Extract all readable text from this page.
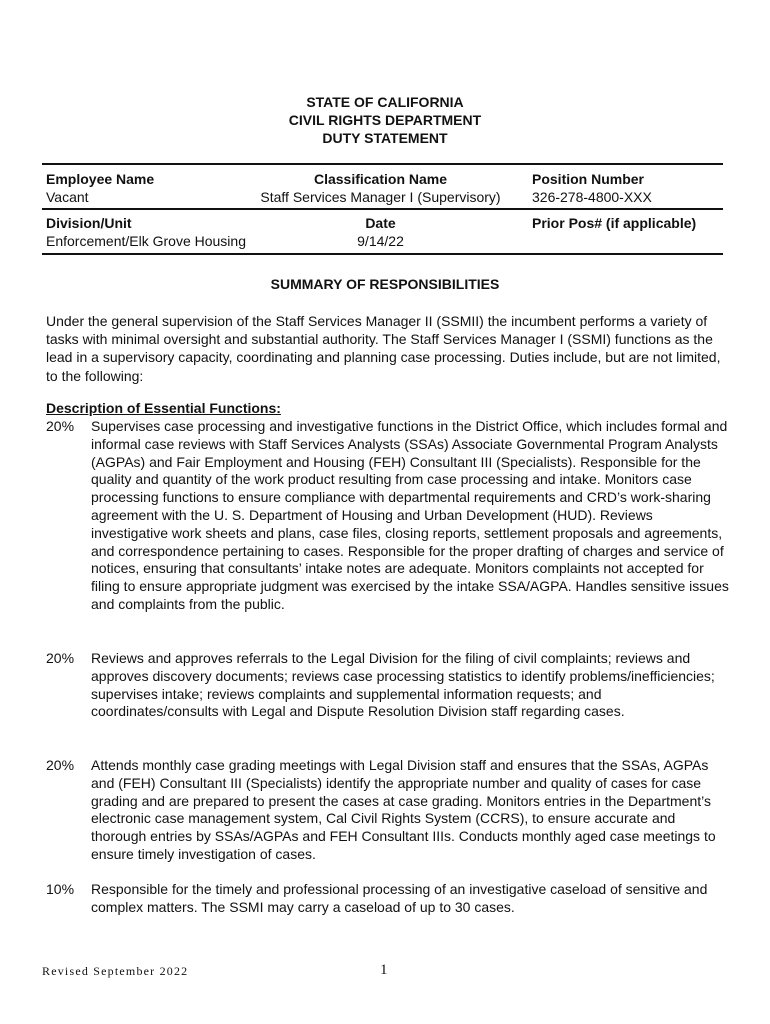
STATE OF CALIFORNIA
CIVIL RIGHTS DEPARTMENT
DUTY STATEMENT
Employee Name
Vacant
Classification Name
Staff Services Manager I (Supervisory)
Position Number
326-278-4800-XXX
Division/Unit
Enforcement/Elk Grove Housing
Date
9/14/22
Prior Pos# (if applicable)
SUMMARY OF RESPONSIBILITIES
Under the general supervision of the Staff Services Manager II (SSMII) the incumbent performs a variety of tasks with minimal oversight and substantial authority. The Staff Services Manager I (SSMI) functions as the lead in a supervisory capacity, coordinating and planning case processing. Duties include, but are not limited, to the following:
Description of Essential Functions:
20% Supervises case processing and investigative functions in the District Office, which includes formal and informal case reviews with Staff Services Analysts (SSAs) Associate Governmental Program Analysts (AGPAs) and Fair Employment and Housing (FEH) Consultant III (Specialists). Responsible for the quality and quantity of the work product resulting from case processing and intake. Monitors case processing functions to ensure compliance with departmental requirements and CRD’s work-sharing agreement with the U. S. Department of Housing and Urban Development (HUD). Reviews investigative work sheets and plans, case files, closing reports, settlement proposals and agreements, and correspondence pertaining to cases. Responsible for the proper drafting of charges and service of notices, ensuring that consultants’ intake notes are adequate. Monitors complaints not accepted for filing to ensure appropriate judgment was exercised by the intake SSA/AGPA. Handles sensitive issues and complaints from the public.
20% Reviews and approves referrals to the Legal Division for the filing of civil complaints; reviews and approves discovery documents; reviews case processing statistics to identify problems/inefficiencies; supervises intake; reviews complaints and supplemental information requests; and coordinates/consults with Legal and Dispute Resolution Division staff regarding cases.
20% Attends monthly case grading meetings with Legal Division staff and ensures that the SSAs, AGPAs and (FEH) Consultant III (Specialists) identify the appropriate number and quality of cases for case grading and are prepared to present the cases at case grading. Monitors entries in the Department’s electronic case management system, Cal Civil Rights System (CCRS), to ensure accurate and thorough entries by SSAs/AGPAs and FEH Consultant IIIs. Conducts monthly aged case meetings to ensure timely investigation of cases.
10% Responsible for the timely and professional processing of an investigative caseload of sensitive and complex matters. The SSMI may carry a caseload of up to 30 cases.
Revised September 2022	1
